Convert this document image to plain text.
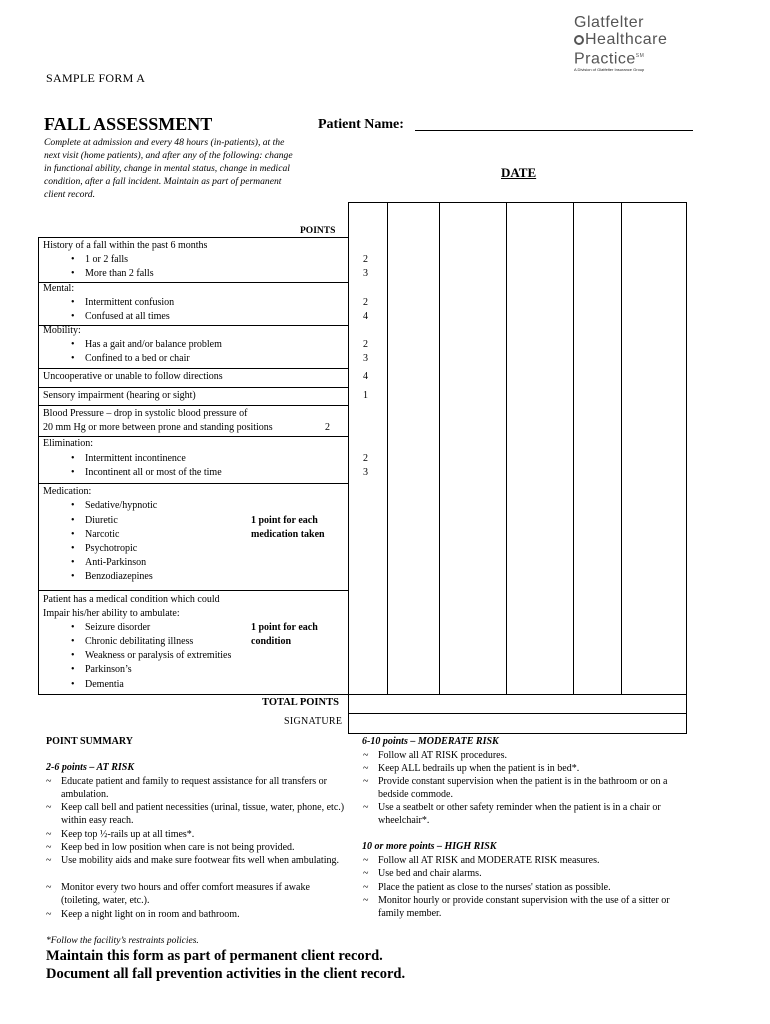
Glatfelter
Healthcare
Practice℠
A Division of Glatfelter Insurance Group
SAMPLE FORM A
FALL ASSESSMENT	Patient Name:
Complete at admission and every 48 hours (in-patients), at the
next visit (home patients), and after any of the following: change
in functional ability, change in mental status, change in medical
condition, after a fall incident. Maintain as part of permanent
client record.
DATE
POINTS
History of a fall within the past 6 months
• 1 or 2 falls	2
• More than 2 falls	3
Mental:
• Intermittent confusion	2
• Confused at all times	4
Mobility:
• Has a gait and/or balance problem	2
• Confined to a bed or chair	3
Uncooperative or unable to follow directions	4
Sensory impairment (hearing or sight)	1
Blood Pressure – drop in systolic blood pressure of
20 mm Hg or more between prone and standing positions	2
Elimination:
• Intermittent incontinence	2
• Incontinent all or most of the time	3
Medication:
• Sedative/hypnotic
• Diuretic
• Narcotic
• Psychotropic
• Anti-Parkinson
• Benzodiazepines
1 point for each
medication taken
Patient has a medical condition which could
Impair his/her ability to ambulate:
• Seizure disorder
• Chronic debilitating illness
• Weakness or paralysis of extremities
• Parkinson’s
• Dementia
1 point for each
condition
TOTAL POINTS
SIGNATURE
POINT SUMMARY
2-6 points – AT RISK
~ Educate patient and family to request assistance for all transfers or ambulation.
~ Keep call bell and patient necessities (urinal, tissue, water, phone, etc.) within easy reach.
~ Keep top ½-rails up at all times*.
~ Keep bed in low position when care is not being provided.
~ Use mobility aids and make sure footwear fits well when ambulating.
~ Monitor every two hours and offer comfort measures if awake (toileting, water, etc.).
~ Keep a night light on in room and bathroom.
6-10 points – MODERATE RISK
~ Follow all AT RISK procedures.
~ Keep ALL bedrails up when the patient is in bed*.
~ Provide constant supervision when the patient is in the bathroom or on a bedside commode.
~ Use a seatbelt or other safety reminder when the patient is in a chair or wheelchair*.
10 or more points – HIGH RISK
~ Follow all AT RISK and MODERATE RISK measures.
~ Use bed and chair alarms.
~ Place the patient as close to the nurses' station as possible.
~ Monitor hourly or provide constant supervision with the use of a sitter or family member.
*Follow the facility’s restraints policies.
Maintain this form as part of permanent client record.
Document all fall prevention activities in the client record.
